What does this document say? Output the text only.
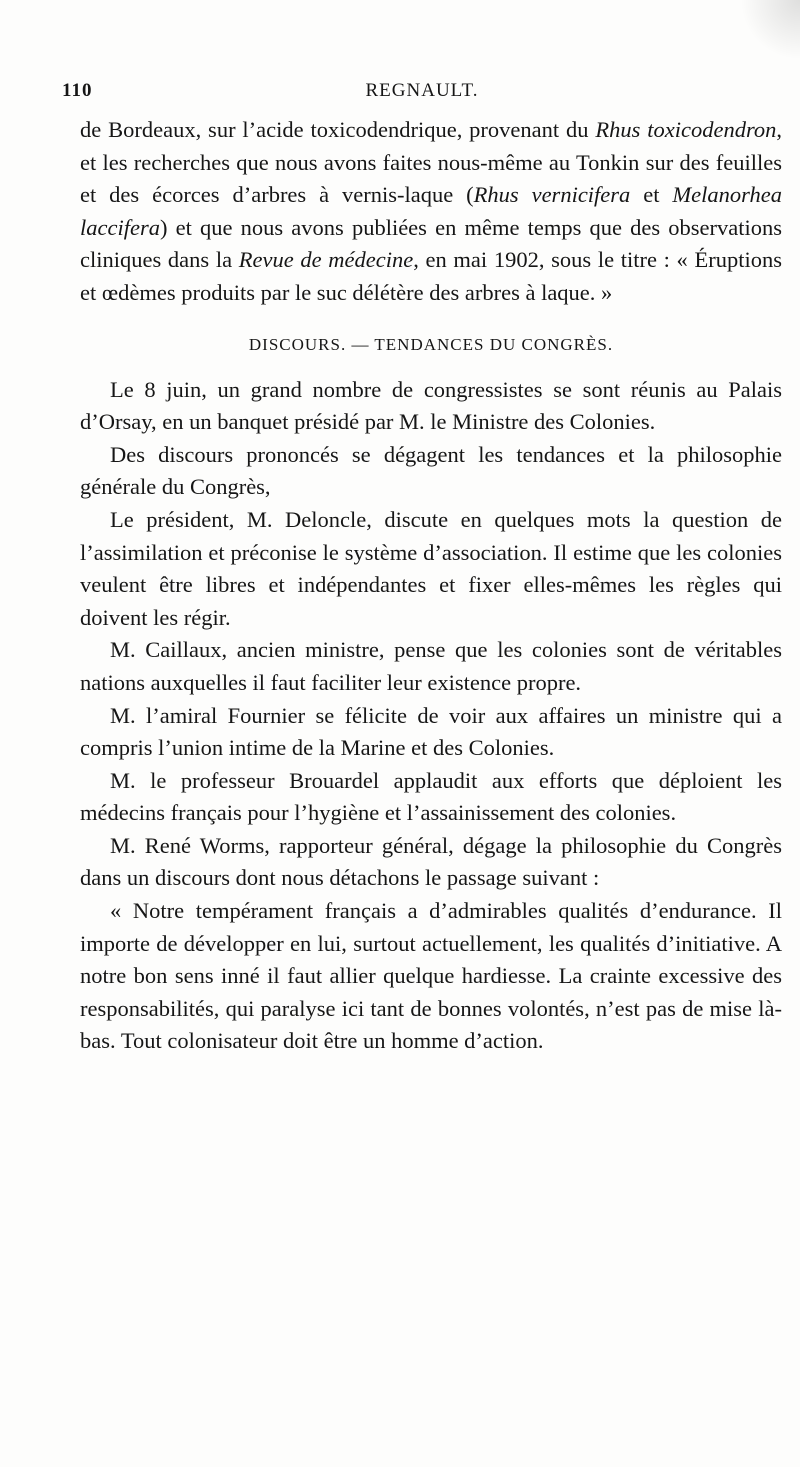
110	REGNAULT.

de Bordeaux, sur l’acide toxicodendrique, provenant du Rhus toxicodendron, et les recherches que nous avons faites nous-même au Tonkin sur des feuilles et des écorces d’arbres à vernis-laque (Rhus vernicifera et Melanorhea laccifera) et que nous avons publiées en même temps que des observations cliniques dans la Revue de médecine, en mai 1902, sous le titre : « Éruptions et œdèmes produits par le suc délétère des arbres à laque. »

DISCOURS. — TENDANCES DU CONGRÈS.

Le 8 juin, un grand nombre de congressistes se sont réunis au Palais d’Orsay, en un banquet présidé par M. le Ministre des Colonies.

Des discours prononcés se dégagent les tendances et la philosophie générale du Congrès,

Le président, M. Deloncle, discute en quelques mots la question de l’assimilation et préconise le système d’association. Il estime que les colonies veulent être libres et indépendantes et fixer elles-mêmes les règles qui doivent les régir.

M. Caillaux, ancien ministre, pense que les colonies sont de véritables nations auxquelles il faut faciliter leur existence propre.

M. l’amiral Fournier se félicite de voir aux affaires un ministre qui a compris l’union intime de la Marine et des Colonies.

M. le professeur Brouardel applaudit aux efforts que déploient les médecins français pour l’hygiène et l’assainissement des colonies.

M. René Worms, rapporteur général, dégage la philosophie du Congrès dans un discours dont nous détachons le passage suivant :

« Notre tempérament français a d’admirables qualités d’endurance. Il importe de développer en lui, surtout actuellement, les qualités d’initiative. A notre bon sens inné il faut allier quelque hardiesse. La crainte excessive des responsabilités, qui paralyse ici tant de bonnes volontés, n’est pas de mise là-bas. Tout colonisateur doit être un homme d’action.
